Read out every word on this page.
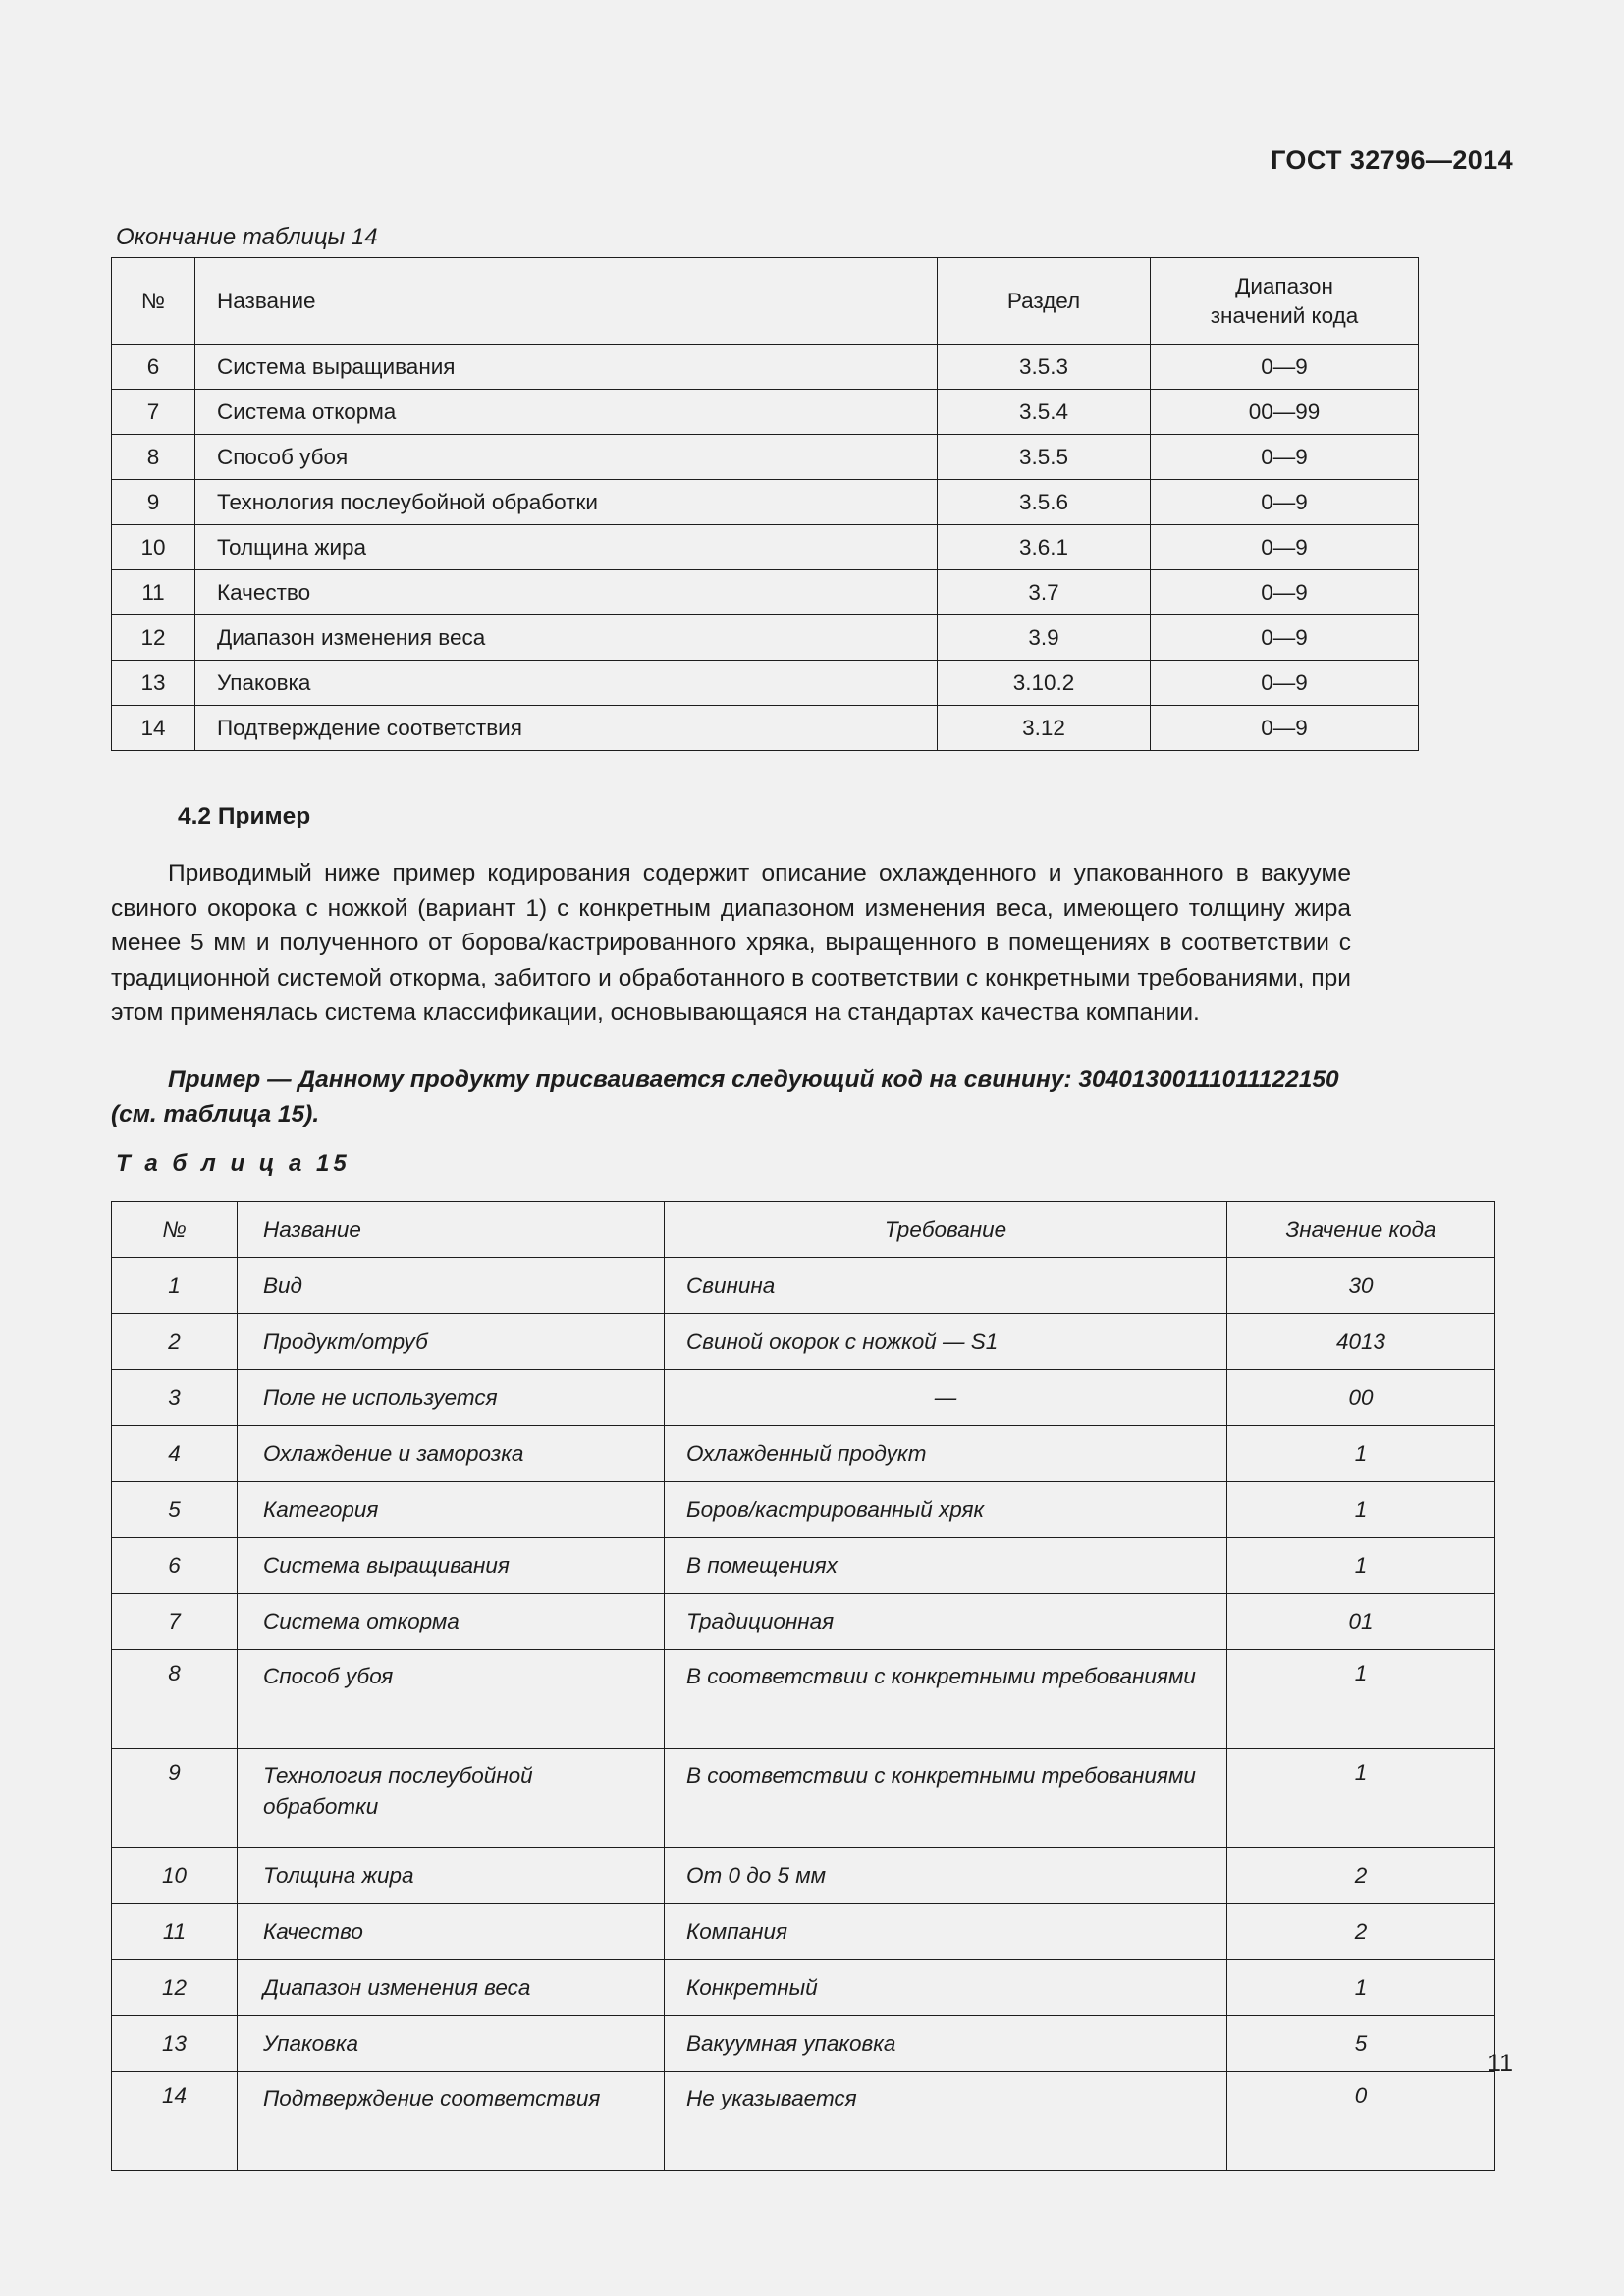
ГОСТ 32796—2014
Окончание таблицы 14
№	Название	Раздел	Диапазон
значений кода
6	Система выращивания	3.5.3	0—9
7	Система откорма	3.5.4	00—99
8	Способ убоя	3.5.5	0—9
9	Технология послеубойной обработки	3.5.6	0—9
10	Толщина жира	3.6.1	0—9
11	Качество	3.7	0—9
12	Диапазон изменения веса	3.9	0—9
13	Упаковка	3.10.2	0—9
14	Подтверждение соответствия	3.12	0—9
4.2 Пример
Приводимый ниже пример кодирования содержит описание охлажденного и упакованного в вакууме свиного окорока с ножкой (вариант 1) с конкретным диапазоном изменения веса, имеющего толщину жира менее 5 мм и полученного от борова/кастрированного хряка, выращенного в помещениях в соответствии с традиционной системой откорма, забитого и обработанного в соответствии с конкретными требованиями, при этом применялась система классификации, основывающаяся на стандартах качества компании.
Пример — Данному продукту присваивается следующий код на свинину: 30401300111011122150
(см. таблица 15).
Т а б л и ц а 15
№	Название	Требование	Значение кода
1	Вид	Свинина	30
2	Продукт/отруб	Свиной окорок с ножкой — S1	4013
3	Поле не используется	—	00
4	Охлаждение и заморозка	Охлажденный продукт	1
5	Категория	Боров/кастрированный хряк	1
6	Система выращивания	В помещениях	1
7	Система откорма	Традиционная	01
8	Способ убоя	В соответствии с конкретными требованиями	1
9	Технология послеубойной обработки	В соответствии с конкретными требованиями	1
10	Толщина жира	От 0 до 5 мм	2
11	Качество	Компания	2
12	Диапазон изменения веса	Конкретный	1
13	Упаковка	Вакуумная упаковка	5
14	Подтверждение соответствия	Не указывается	0
11
